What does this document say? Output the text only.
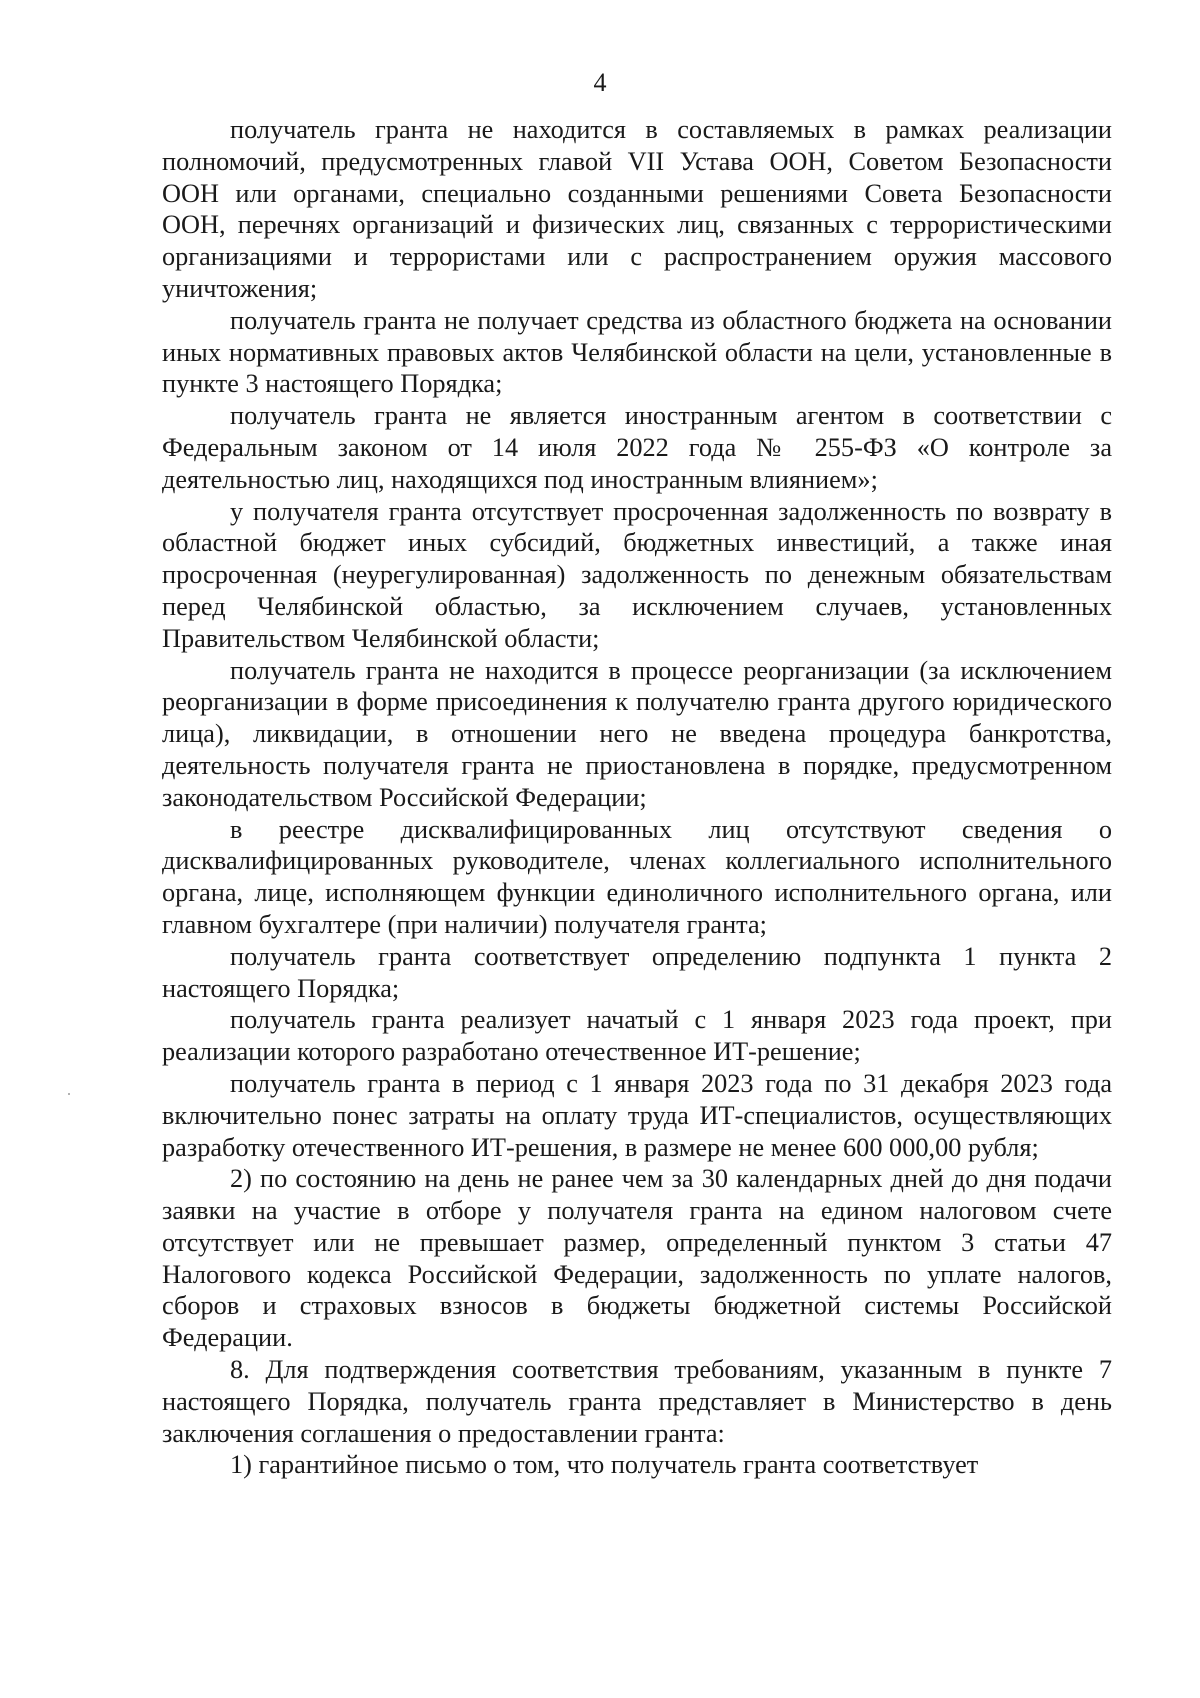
4

получатель гранта не находится в составляемых в рамках реализации полномочий, предусмотренных главой VII Устава ООН, Советом Безопасности ООН или органами, специально созданными решениями Совета Безопасности ООН, перечнях организаций и физических лиц, связанных с террористическими организациями и террористами или с распространением оружия массового уничтожения;

получатель гранта не получает средства из областного бюджета на основании иных нормативных правовых актов Челябинской области на цели, установленные в пункте 3 настоящего Порядка;

получатель гранта не является иностранным агентом в соответствии с Федеральным законом от 14 июля 2022 года № 255-ФЗ «О контроле за деятельностью лиц, находящихся под иностранным влиянием»;

у получателя гранта отсутствует просроченная задолженность по возврату в областной бюджет иных субсидий, бюджетных инвестиций, а также иная просроченная (неурегулированная) задолженность по денежным обязательствам перед Челябинской областью, за исключением случаев, установленных Правительством Челябинской области;

получатель гранта не находится в процессе реорганизации (за исключением реорганизации в форме присоединения к получателю гранта другого юридического лица), ликвидации, в отношении него не введена процедура банкротства, деятельность получателя гранта не приостановлена в порядке, предусмотренном законодательством Российской Федерации;

в реестре дисквалифицированных лиц отсутствуют сведения о дисквалифицированных руководителе, членах коллегиального исполнительного органа, лице, исполняющем функции единоличного исполнительного органа, или главном бухгалтере (при наличии) получателя гранта;

получатель гранта соответствует определению подпункта 1 пункта 2 настоящего Порядка;

получатель гранта реализует начатый с 1 января 2023 года проект, при реализации которого разработано отечественное ИТ-решение;

получатель гранта в период с 1 января 2023 года по 31 декабря 2023 года включительно понес затраты на оплату труда ИТ-специалистов, осуществляющих разработку отечественного ИТ-решения, в размере не менее 600 000,00 рубля;

2) по состоянию на день не ранее чем за 30 календарных дней до дня подачи заявки на участие в отборе у получателя гранта на едином налоговом счете отсутствует или не превышает размер, определенный пунктом 3 статьи 47 Налогового кодекса Российской Федерации, задолженность по уплате налогов, сборов и страховых взносов в бюджеты бюджетной системы Российской Федерации.

8. Для подтверждения соответствия требованиям, указанным в пункте 7 настоящего Порядка, получатель гранта представляет в Министерство в день заключения соглашения о предоставлении гранта:

1) гарантийное письмо о том, что получатель гранта соответствует
